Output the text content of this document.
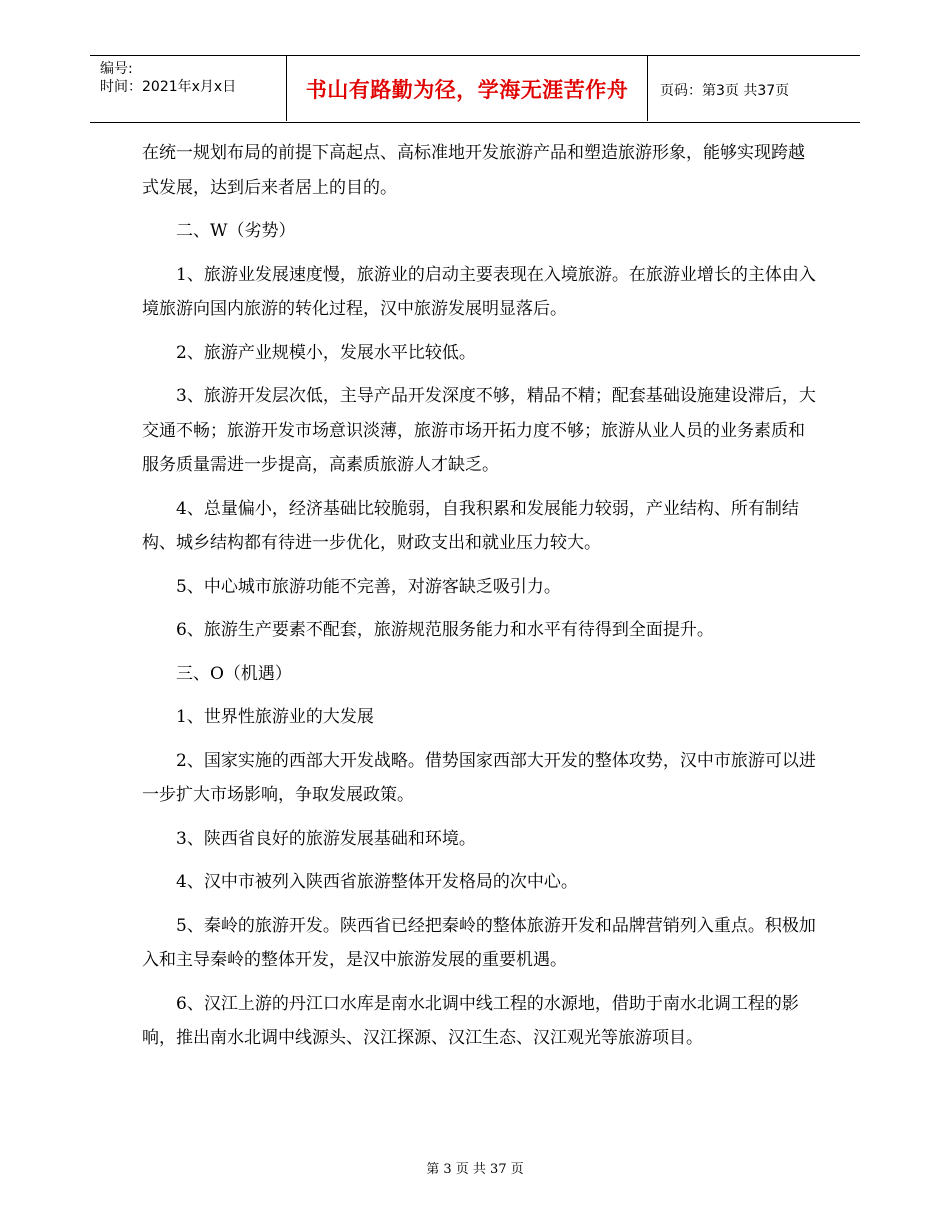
编号:
时间：2021年x月x日	书山有路勤为径，学海无涯苦作舟	页码：第3页 共37页

在统一规划布局的前提下高起点、高标准地开发旅游产品和塑造旅游形象，能够实现跨越式发展，达到后来者居上的目的。

二、W（劣势）

1、旅游业发展速度慢，旅游业的启动主要表现在入境旅游。在旅游业增长的主体由入境旅游向国内旅游的转化过程，汉中旅游发展明显落后。

2、旅游产业规模小，发展水平比较低。

3、旅游开发层次低，主导产品开发深度不够，精品不精；配套基础设施建设滞后，大交通不畅；旅游开发市场意识淡薄，旅游市场开拓力度不够；旅游从业人员的业务素质和服务质量需进一步提高，高素质旅游人才缺乏。

4、总量偏小，经济基础比较脆弱，自我积累和发展能力较弱，产业结构、所有制结构、城乡结构都有待进一步优化，财政支出和就业压力较大。

5、中心城市旅游功能不完善，对游客缺乏吸引力。

6、旅游生产要素不配套，旅游规范服务能力和水平有待得到全面提升。

三、O（机遇）

1、世界性旅游业的大发展

2、国家实施的西部大开发战略。借势国家西部大开发的整体攻势，汉中市旅游可以进一步扩大市场影响，争取发展政策。

3、陕西省良好的旅游发展基础和环境。

4、汉中市被列入陕西省旅游整体开发格局的次中心。

5、秦岭的旅游开发。陕西省已经把秦岭的整体旅游开发和品牌营销列入重点。积极加入和主导秦岭的整体开发，是汉中旅游发展的重要机遇。

6、汉江上游的丹江口水库是南水北调中线工程的水源地，借助于南水北调工程的影响，推出南水北调中线源头、汉江探源、汉江生态、汉江观光等旅游项目。

第 3 页 共 37 页
